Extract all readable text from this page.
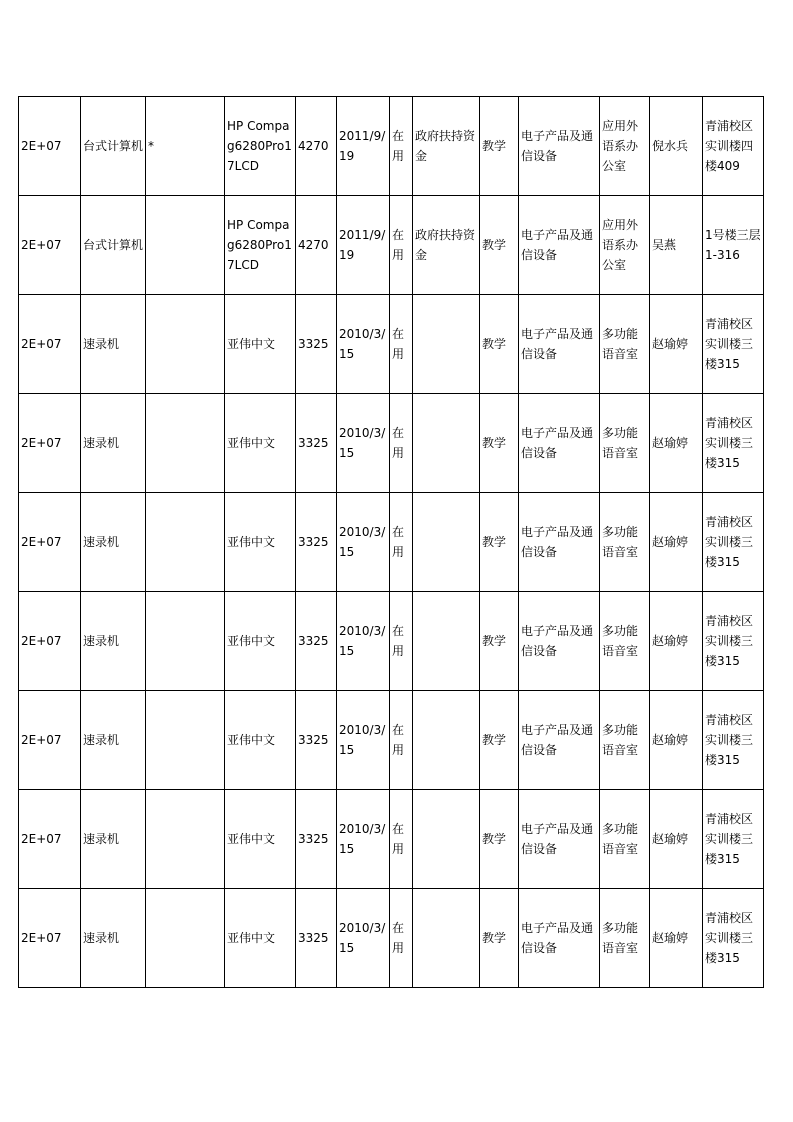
2E+07	台式计算机	*	HP Compag6280Pro17LCD	4270	2011/9/19	在用	政府扶持资金	教学	电子产品及通信设备	应用外语系办公室	倪水兵	青浦校区实训楼四楼409
2E+07	台式计算机		HP Compag6280Pro17LCD	4270	2011/9/19	在用	政府扶持资金	教学	电子产品及通信设备	应用外语系办公室	吴燕	1号楼三层1-316
2E+07	速录机		亚伟中文	3325	2010/3/15	在用		教学	电子产品及通信设备	多功能语音室	赵瑜婷	青浦校区实训楼三楼315
2E+07	速录机		亚伟中文	3325	2010/3/15	在用		教学	电子产品及通信设备	多功能语音室	赵瑜婷	青浦校区实训楼三楼315
2E+07	速录机		亚伟中文	3325	2010/3/15	在用		教学	电子产品及通信设备	多功能语音室	赵瑜婷	青浦校区实训楼三楼315
2E+07	速录机		亚伟中文	3325	2010/3/15	在用		教学	电子产品及通信设备	多功能语音室	赵瑜婷	青浦校区实训楼三楼315
2E+07	速录机		亚伟中文	3325	2010/3/15	在用		教学	电子产品及通信设备	多功能语音室	赵瑜婷	青浦校区实训楼三楼315
2E+07	速录机		亚伟中文	3325	2010/3/15	在用		教学	电子产品及通信设备	多功能语音室	赵瑜婷	青浦校区实训楼三楼315
2E+07	速录机		亚伟中文	3325	2010/3/15	在用		教学	电子产品及通信设备	多功能语音室	赵瑜婷	青浦校区实训楼三楼315
